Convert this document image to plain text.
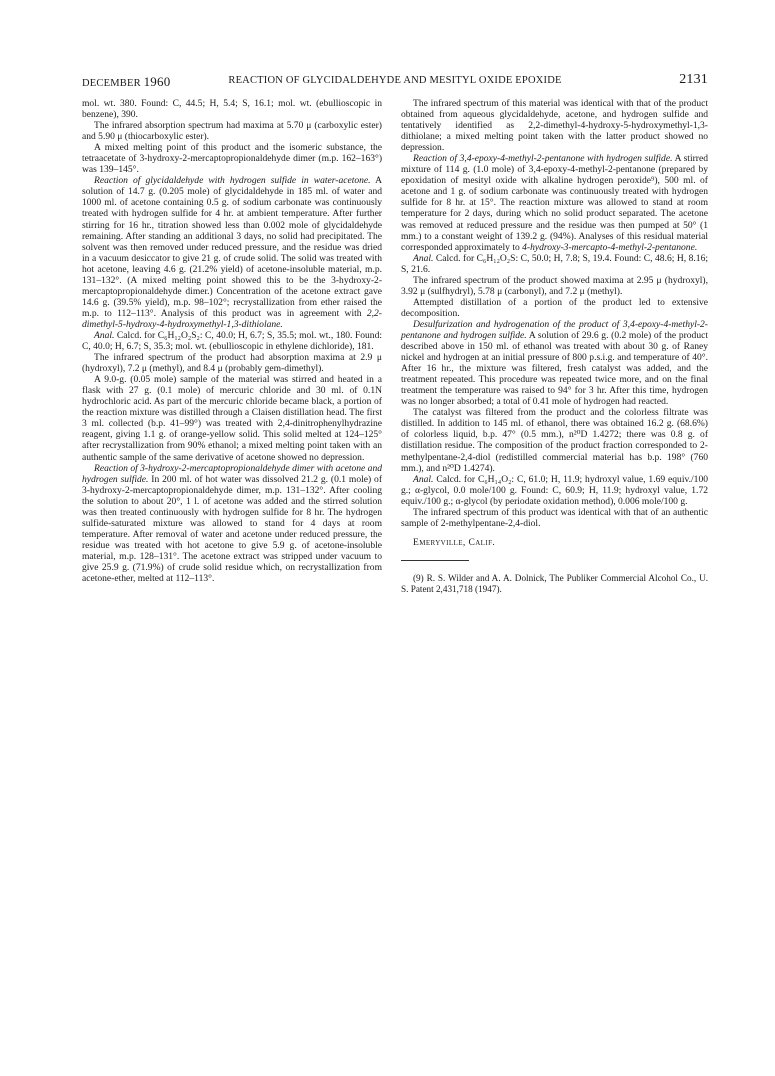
DECEMBER 1960	REACTION OF GLYCIDALDEHYDE AND MESITYL OXIDE EPOXIDE	2131

mol. wt. 380. Found: C, 44.5; H, 5.4; S, 16.1; mol. wt. (ebullioscopic in benzene), 390.

The infrared absorption spectrum had maxima at 5.70 μ (carboxylic ester) and 5.90 μ (thiocarboxylic ester).

A mixed melting point of this product and the isomeric substance, the tetraacetate of 3-hydroxy-2-mercaptopropionaldehyde dimer (m.p. 162–163°) was 139–145°.

Reaction of glycidaldehyde with hydrogen sulfide in water-acetone. A solution of 14.7 g. (0.205 mole) of glycidaldehyde in 185 ml. of water and 1000 ml. of acetone containing 0.5 g. of sodium carbonate was continuously treated with hydrogen sulfide for 4 hr. at ambient temperature. After further stirring for 16 hr., titration showed less than 0.002 mole of glycidaldehyde remaining. After standing an additional 3 days, no solid had precipitated. The solvent was then removed under reduced pressure, and the residue was dried in a vacuum desiccator to give 21 g. of crude solid. The solid was treated with hot acetone, leaving 4.6 g. (21.2% yield) of acetone-insoluble material, m.p. 131–132°. (A mixed melting point showed this to be the 3-hydroxy-2-mercaptopropionaldehyde dimer.) Concentration of the acetone extract gave 14.6 g. (39.5% yield), m.p. 98–102°; recrystallization from ether raised the m.p. to 112–113°. Analysis of this product was in agreement with 2,2-dimethyl-5-hydroxy-4-hydroxymethyl-1,3-dithiolane.

Anal. Calcd. for C₆H₁₂O₂S₂: C, 40.0; H, 6.7; S, 35.5; mol. wt., 180. Found: C, 40.0; H, 6.7; S, 35.3; mol. wt. (ebullioscopic in ethylene dichloride), 181.

The infrared spectrum of the product had absorption maxima at 2.9 μ (hydroxyl), 7.2 μ (methyl), and 8.4 μ (probably gem-dimethyl).

A 9.0-g. (0.05 mole) sample of the material was stirred and heated in a flask with 27 g. (0.1 mole) of mercuric chloride and 30 ml. of 0.1N hydrochloric acid. As part of the mercuric chloride became black, a portion of the reaction mixture was distilled through a Claisen distillation head. The first 3 ml. collected (b.p. 41–99°) was treated with 2,4-dinitrophenylhydrazine reagent, giving 1.1 g. of orange-yellow solid. This solid melted at 124–125° after recrystallization from 90% ethanol; a mixed melting point taken with an authentic sample of the same derivative of acetone showed no depression.

Reaction of 3-hydroxy-2-mercaptopropionaldehyde dimer with acetone and hydrogen sulfide. In 200 ml. of hot water was dissolved 21.2 g. (0.1 mole) of 3-hydroxy-2-mercaptopropionaldehyde dimer, m.p. 131–132°. After cooling the solution to about 20°, 1 l. of acetone was added and the stirred solution was then treated continuously with hydrogen sulfide for 8 hr. The hydrogen sulfide-saturated mixture was allowed to stand for 4 days at room temperature. After removal of water and acetone under reduced pressure, the residue was treated with hot acetone to give 5.9 g. of acetone-insoluble material, m.p. 128–131°. The acetone extract was stripped under vacuum to give 25.9 g. (71.9%) of crude solid residue which, on recrystallization from acetone-ether, melted at 112–113°.

The infrared spectrum of this material was identical with that of the product obtained from aqueous glycidaldehyde, acetone, and hydrogen sulfide and tentatively identified as 2,2-dimethyl-4-hydroxy-5-hydroxymethyl-1,3-dithiolane; a mixed melting point taken with the latter product showed no depression.

Reaction of 3,4-epoxy-4-methyl-2-pentanone with hydrogen sulfide. A stirred mixture of 114 g. (1.0 mole) of 3,4-epoxy-4-methyl-2-pentanone (prepared by epoxidation of mesityl oxide with alkaline hydrogen peroxide⁹), 500 ml. of acetone and 1 g. of sodium carbonate was continuously treated with hydrogen sulfide for 8 hr. at 15°. The reaction mixture was allowed to stand at room temperature for 2 days, during which no solid product separated. The acetone was removed at reduced pressure and the residue was then pumped at 50° (1 mm.) to a constant weight of 139.2 g. (94%). Analyses of this residual material corresponded approximately to 4-hydroxy-3-mercapto-4-methyl-2-pentanone.

Anal. Calcd. for C₆H₁₂O₂S: C, 50.0; H, 7.8; S, 19.4. Found: C, 48.6; H, 8.16; S, 21.6.

The infrared spectrum of the product showed maxima at 2.95 μ (hydroxyl), 3.92 μ (sulfhydryl), 5.78 μ (carbonyl), and 7.2 μ (methyl).

Attempted distillation of a portion of the product led to extensive decomposition.

Desulfurization and hydrogenation of the product of 3,4-epoxy-4-methyl-2-pentanone and hydrogen sulfide. A solution of 29.6 g. (0.2 mole) of the product described above in 150 ml. of ethanol was treated with about 30 g. of Raney nickel and hydrogen at an initial pressure of 800 p.s.i.g. and temperature of 40°. After 16 hr., the mixture was filtered, fresh catalyst was added, and the treatment repeated. This procedure was repeated twice more, and on the final treatment the temperature was raised to 94° for 3 hr. After this time, hydrogen was no longer absorbed; a total of 0.41 mole of hydrogen had reacted.

The catalyst was filtered from the product and the colorless filtrate was distilled. In addition to 145 ml. of ethanol, there was obtained 16.2 g. (68.6%) of colorless liquid, b.p. 47° (0.5 mm.), n²⁰D 1.4272; there was 0.8 g. of distillation residue. The composition of the product fraction corresponded to 2-methylpentane-2,4-diol (redistilled commercial material has b.p. 198° (760 mm.), and n²⁰D 1.4274).

Anal. Calcd. for C₆H₁₄O₂: C, 61.0; H, 11.9; hydroxyl value, 1.69 equiv./100 g.; α-glycol, 0.0 mole/100 g. Found: C, 60.9; H, 11.9; hydroxyl value, 1.72 equiv./100 g.; α-glycol (by periodate oxidation method), 0.006 mole/100 g.

The infrared spectrum of this product was identical with that of an authentic sample of 2-methylpentane-2,4-diol.

Emeryville, Calif.

(9) R. S. Wilder and A. A. Dolnick, The Publiker Commercial Alcohol Co., U. S. Patent 2,431,718 (1947).
